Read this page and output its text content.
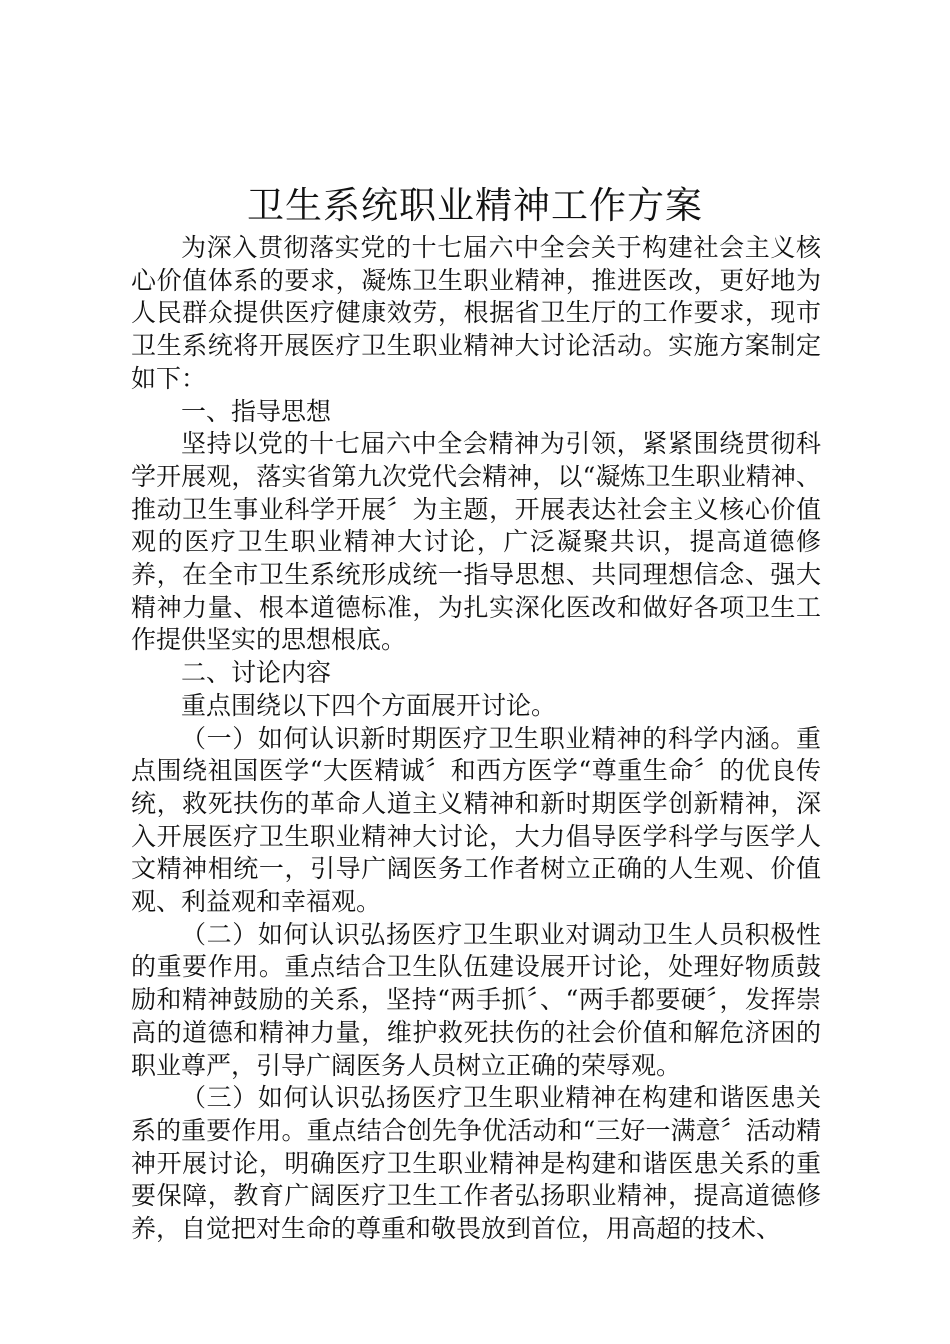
卫生系统职业精神工作方案

为深入贯彻落实党的十七届六中全会关于构建社会主义核心价值体系的要求，凝炼卫生职业精神，推进医改，更好地为人民群众提供医疗健康效劳，根据省卫生厅的工作要求，现市卫生系统将开展医疗卫生职业精神大讨论活动。实施方案制定如下：

一、指导思想

坚持以党的十七届六中全会精神为引领，紧紧围绕贯彻科学开展观，落实省第九次党代会精神，以“凝炼卫生职业精神、推动卫生事业科学开展〞为主题，开展表达社会主义核心价值观的医疗卫生职业精神大讨论，广泛凝聚共识，提高道德修养，在全市卫生系统形成统一指导思想、共同理想信念、强大精神力量、根本道德标准，为扎实深化医改和做好各项卫生工作提供坚实的思想根底。

二、讨论内容

重点围绕以下四个方面展开讨论。

（一）如何认识新时期医疗卫生职业精神的科学内涵。重点围绕祖国医学“大医精诚〞和西方医学“尊重生命〞的优良传统，救死扶伤的革命人道主义精神和新时期医学创新精神，深入开展医疗卫生职业精神大讨论，大力倡导医学科学与医学人文精神相统一，引导广阔医务工作者树立正确的人生观、价值观、利益观和幸福观。

（二）如何认识弘扬医疗卫生职业对调动卫生人员积极性的重要作用。重点结合卫生队伍建设展开讨论，处理好物质鼓励和精神鼓励的关系，坚持“两手抓〞、“两手都要硬〞，发挥崇高的道德和精神力量，维护救死扶伤的社会价值和解危济困的职业尊严，引导广阔医务人员树立正确的荣辱观。

（三）如何认识弘扬医疗卫生职业精神在构建和谐医患关系的重要作用。重点结合创先争优活动和“三好一满意〞活动精神开展讨论，明确医疗卫生职业精神是构建和谐医患关系的重要保障，教育广阔医疗卫生工作者弘扬职业精神，提高道德修养，自觉把对生命的尊重和敬畏放到首位，用高超的技术、
